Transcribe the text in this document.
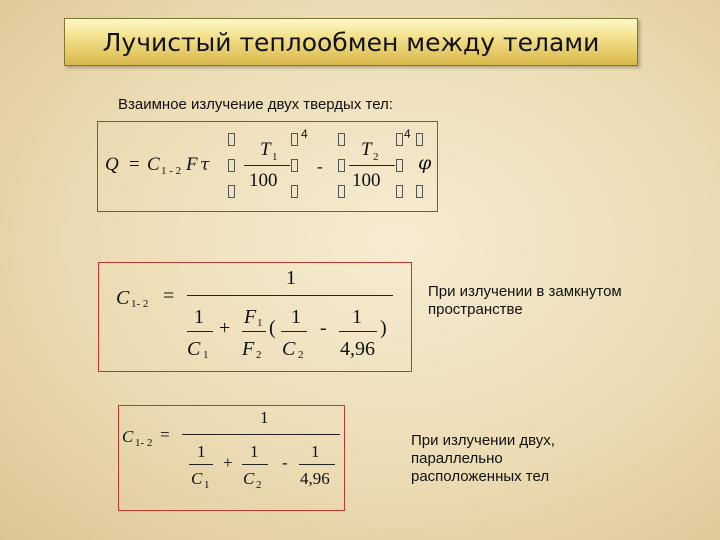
Лучистый теплообмен между телами
Взаимное излучение двух твердых тел:
Q = C 1 - 2 F τ
T 1
100
4
-
T 2
100
4
φ
C 1- 2 =
1
1
C 1
+ F 1
F 2
( 1
C 2
- 1
4,96
)
При излучении в замкнутом пространстве
C 1- 2 =
1
1
C 1
+
1
C 2
-
1
4,96
При излучении двух, параллельно расположенных тел
